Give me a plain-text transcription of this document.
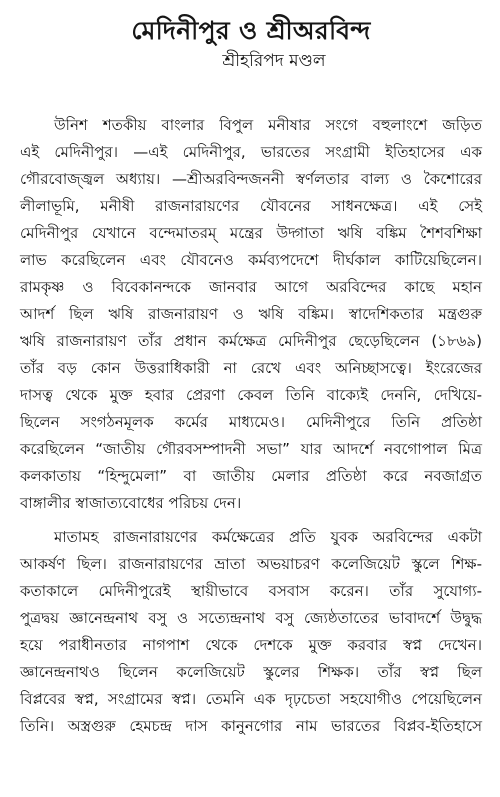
মেদিনীপুর ও শ্রীঅরবিন্দ
শ্রীহরিপদ মণ্ডল
উনিশ শতকীয় বাংলার বিপুল মনীষার সংগে বহুলাংশে জড়িত
এই মেদিনীপুর। —এই মেদিনীপুর, ভারতের সংগ্রামী ইতিহাসের এক
গৌরবোজ্জ্বল অধ্যায়। —শ্রীঅরবিন্দজননী স্বর্ণলতার বাল্য ও কৈশোরের
লীলাভূমি, মনীষী রাজনারায়ণের যৌবনের সাধনক্ষেত্র। এই সেই
মেদিনীপুর যেখানে বন্দেমাতরম্ মন্ত্রের উদ্গাতা ঋষি বঙ্কিম শৈশবশিক্ষা
লাভ করেছিলেন এবং যৌবনেও কর্মব্যপদেশে দীর্ঘকাল কাটিয়েছিলেন।
রামকৃষ্ণ ও বিবেকানন্দকে জানবার আগে অরবিন্দের কাছে মহান
আদর্শ ছিল ঋষি রাজনারায়ণ ও ঋষি বঙ্কিম। স্বাদেশিকতার মন্ত্রগুরু
ঋষি রাজনারায়ণ তাঁর প্রধান কর্মক্ষেত্র মেদিনীপুর ছেড়েছিলেন (১৮৬৯)
তাঁর বড় কোন উত্তরাধিকারী না রেখে এবং অনিচ্ছাসত্বে। ইংরেজের
দাসত্ব থেকে মুক্ত হবার প্রেরণা কেবল তিনি বাক্যেই দেননি, দেখিয়ে-
ছিলেন সংগঠনমূলক কর্মের মাধ্যমেও। মেদিনীপুরে তিনি প্রতিষ্ঠা
করেছিলেন “জাতীয় গৌরবসম্পাদনী সভা” যার আদর্শে নবগোপাল মিত্র
কলকাতায় “হিন্দুমেলা” বা জাতীয় মেলার প্রতিষ্ঠা করে নবজাগ্রত
বাঙ্গালীর স্বাজাত্যবোধের পরিচয় দেন।
মাতামহ রাজনারায়ণের কর্মক্ষেত্রের প্রতি যুবক অরবিন্দের একটা
আকর্ষণ ছিল। রাজনারায়ণের ভ্রাতা অভয়াচরণ কলেজিয়েট স্কুলে শিক্ষ-
কতাকালে মেদিনীপুরেই স্থায়ীভাবে বসবাস করেন। তাঁর সুযোগ্য-
পুত্রদ্বয় জ্ঞানেন্দ্রনাথ বসু ও সত্যেন্দ্রনাথ বসু জ্যেষ্ঠতাতের ভাবাদর্শে উদ্বুদ্ধ
হয়ে পরাধীনতার নাগপাশ থেকে দেশকে মুক্ত করবার স্বপ্ন দেখেন।
জ্ঞানেন্দ্রনাথও ছিলেন কলেজিয়েট স্কুলের শিক্ষক। তাঁর স্বপ্ন ছিল
বিপ্লবের স্বপ্ন, সংগ্রামের স্বপ্ন। তেমনি এক দৃঢ়চেতা সহযোগীও পেয়েছিলেন
তিনি। অস্ত্রগুরু হেমচন্দ্র দাস কানুনগোর নাম ভারতের বিপ্লব-ইতিহাসে
